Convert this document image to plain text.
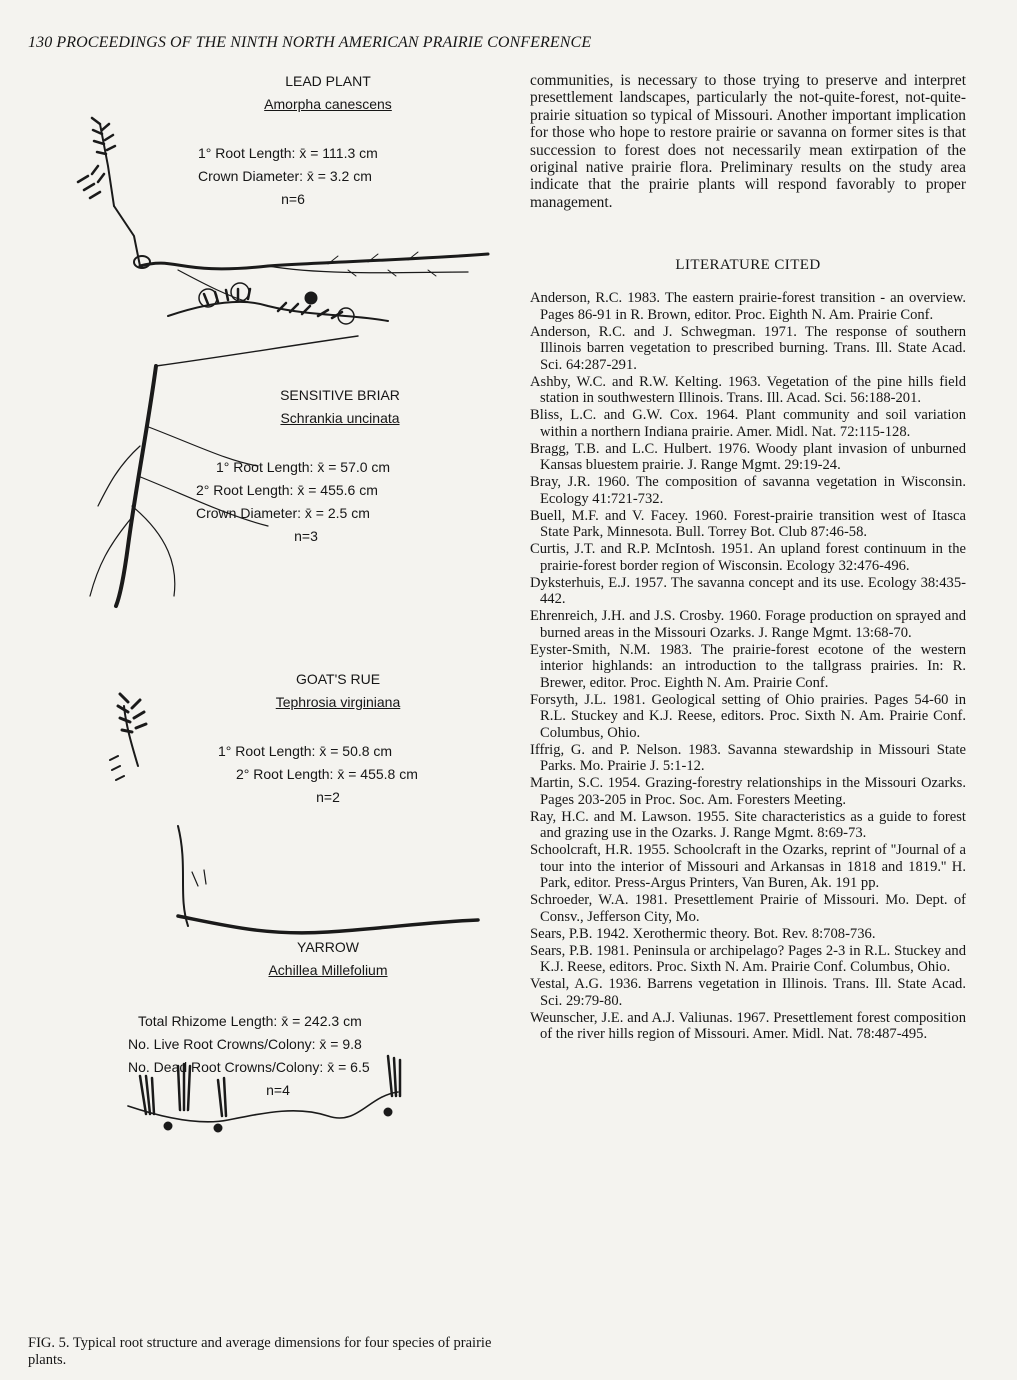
130 PROCEEDINGS OF THE NINTH NORTH AMERICAN PRAIRIE CONFERENCE
LEAD PLANT
Amorpha canescens
1° Root Length: x̄ = 111.3 cm
Crown Diameter: x̄ = 3.2 cm
n=6
SENSITIVE BRIAR
Schrankia uncinata
1° Root Length: x̄ = 57.0 cm
2° Root Length: x̄ = 455.6 cm
Crown Diameter: x̄ = 2.5 cm
n=3
GOAT'S RUE
Tephrosia virginiana
1° Root Length: x̄ = 50.8 cm
2° Root Length: x̄ = 455.8 cm
n=2
YARROW
Achillea Millefolium
Total Rhizome Length: x̄ = 242.3 cm
No. Live Root Crowns/Colony: x̄ = 9.8
No. Dead Root Crowns/Colony: x̄ = 6.5
n=4
FIG. 5. Typical root structure and average dimensions for four species of prairie plants.

communities, is necessary to those trying to preserve and interpret presettlement landscapes, particularly the not-quite-forest, not-quite-prairie situation so typical of Missouri. Another important implication for those who hope to restore prairie or savanna on former sites is that succession to forest does not necessarily mean extirpation of the original native prairie flora. Preliminary results on the study area indicate that the prairie plants will respond favorably to proper management.

LITERATURE CITED
Anderson, R.C. 1983. The eastern prairie-forest transition - an overview. Pages 86-91 in R. Brown, editor. Proc. Eighth N. Am. Prairie Conf.
Anderson, R.C. and J. Schwegman. 1971. The response of southern Illinois barren vegetation to prescribed burning. Trans. Ill. State Acad. Sci. 64:287-291.
Ashby, W.C. and R.W. Kelting. 1963. Vegetation of the pine hills field station in southwestern Illinois. Trans. Ill. Acad. Sci. 56:188-201.
Bliss, L.C. and G.W. Cox. 1964. Plant community and soil variation within a northern Indiana prairie. Amer. Midl. Nat. 72:115-128.
Bragg, T.B. and L.C. Hulbert. 1976. Woody plant invasion of unburned Kansas bluestem prairie. J. Range Mgmt. 29:19-24.
Bray, J.R. 1960. The composition of savanna vegetation in Wisconsin. Ecology 41:721-732.
Buell, M.F. and V. Facey. 1960. Forest-prairie transition west of Itasca State Park, Minnesota. Bull. Torrey Bot. Club 87:46-58.
Curtis, J.T. and R.P. McIntosh. 1951. An upland forest continuum in the prairie-forest border region of Wisconsin. Ecology 32:476-496.
Dyksterhuis, E.J. 1957. The savanna concept and its use. Ecology 38:435-442.
Ehrenreich, J.H. and J.S. Crosby. 1960. Forage production on sprayed and burned areas in the Missouri Ozarks. J. Range Mgmt. 13:68-70.
Eyster-Smith, N.M. 1983. The prairie-forest ecotone of the western interior highlands: an introduction to the tallgrass prairies. In: R. Brewer, editor. Proc. Eighth N. Am. Prairie Conf.
Forsyth, J.L. 1981. Geological setting of Ohio prairies. Pages 54-60 in R.L. Stuckey and K.J. Reese, editors. Proc. Sixth N. Am. Prairie Conf. Columbus, Ohio.
Iffrig, G. and P. Nelson. 1983. Savanna stewardship in Missouri State Parks. Mo. Prairie J. 5:1-12.
Martin, S.C. 1954. Grazing-forestry relationships in the Missouri Ozarks. Pages 203-205 in Proc. Soc. Am. Foresters Meeting.
Ray, H.C. and M. Lawson. 1955. Site characteristics as a guide to forest and grazing use in the Ozarks. J. Range Mgmt. 8:69-73.
Schoolcraft, H.R. 1955. Schoolcraft in the Ozarks, reprint of ''Journal of a tour into the interior of Missouri and Arkansas in 1818 and 1819.'' H. Park, editor. Press-Argus Printers, Van Buren, Ak. 191 pp.
Schroeder, W.A. 1981. Presettlement Prairie of Missouri. Mo. Dept. of Consv., Jefferson City, Mo.
Sears, P.B. 1942. Xerothermic theory. Bot. Rev. 8:708-736.
Sears, P.B. 1981. Peninsula or archipelago? Pages 2-3 in R.L. Stuckey and K.J. Reese, editors. Proc. Sixth N. Am. Prairie Conf. Columbus, Ohio.
Vestal, A.G. 1936. Barrens vegetation in Illinois. Trans. Ill. State Acad. Sci. 29:79-80.
Weunscher, J.E. and A.J. Valiunas. 1967. Presettlement forest composition of the river hills region of Missouri. Amer. Midl. Nat. 78:487-495.
